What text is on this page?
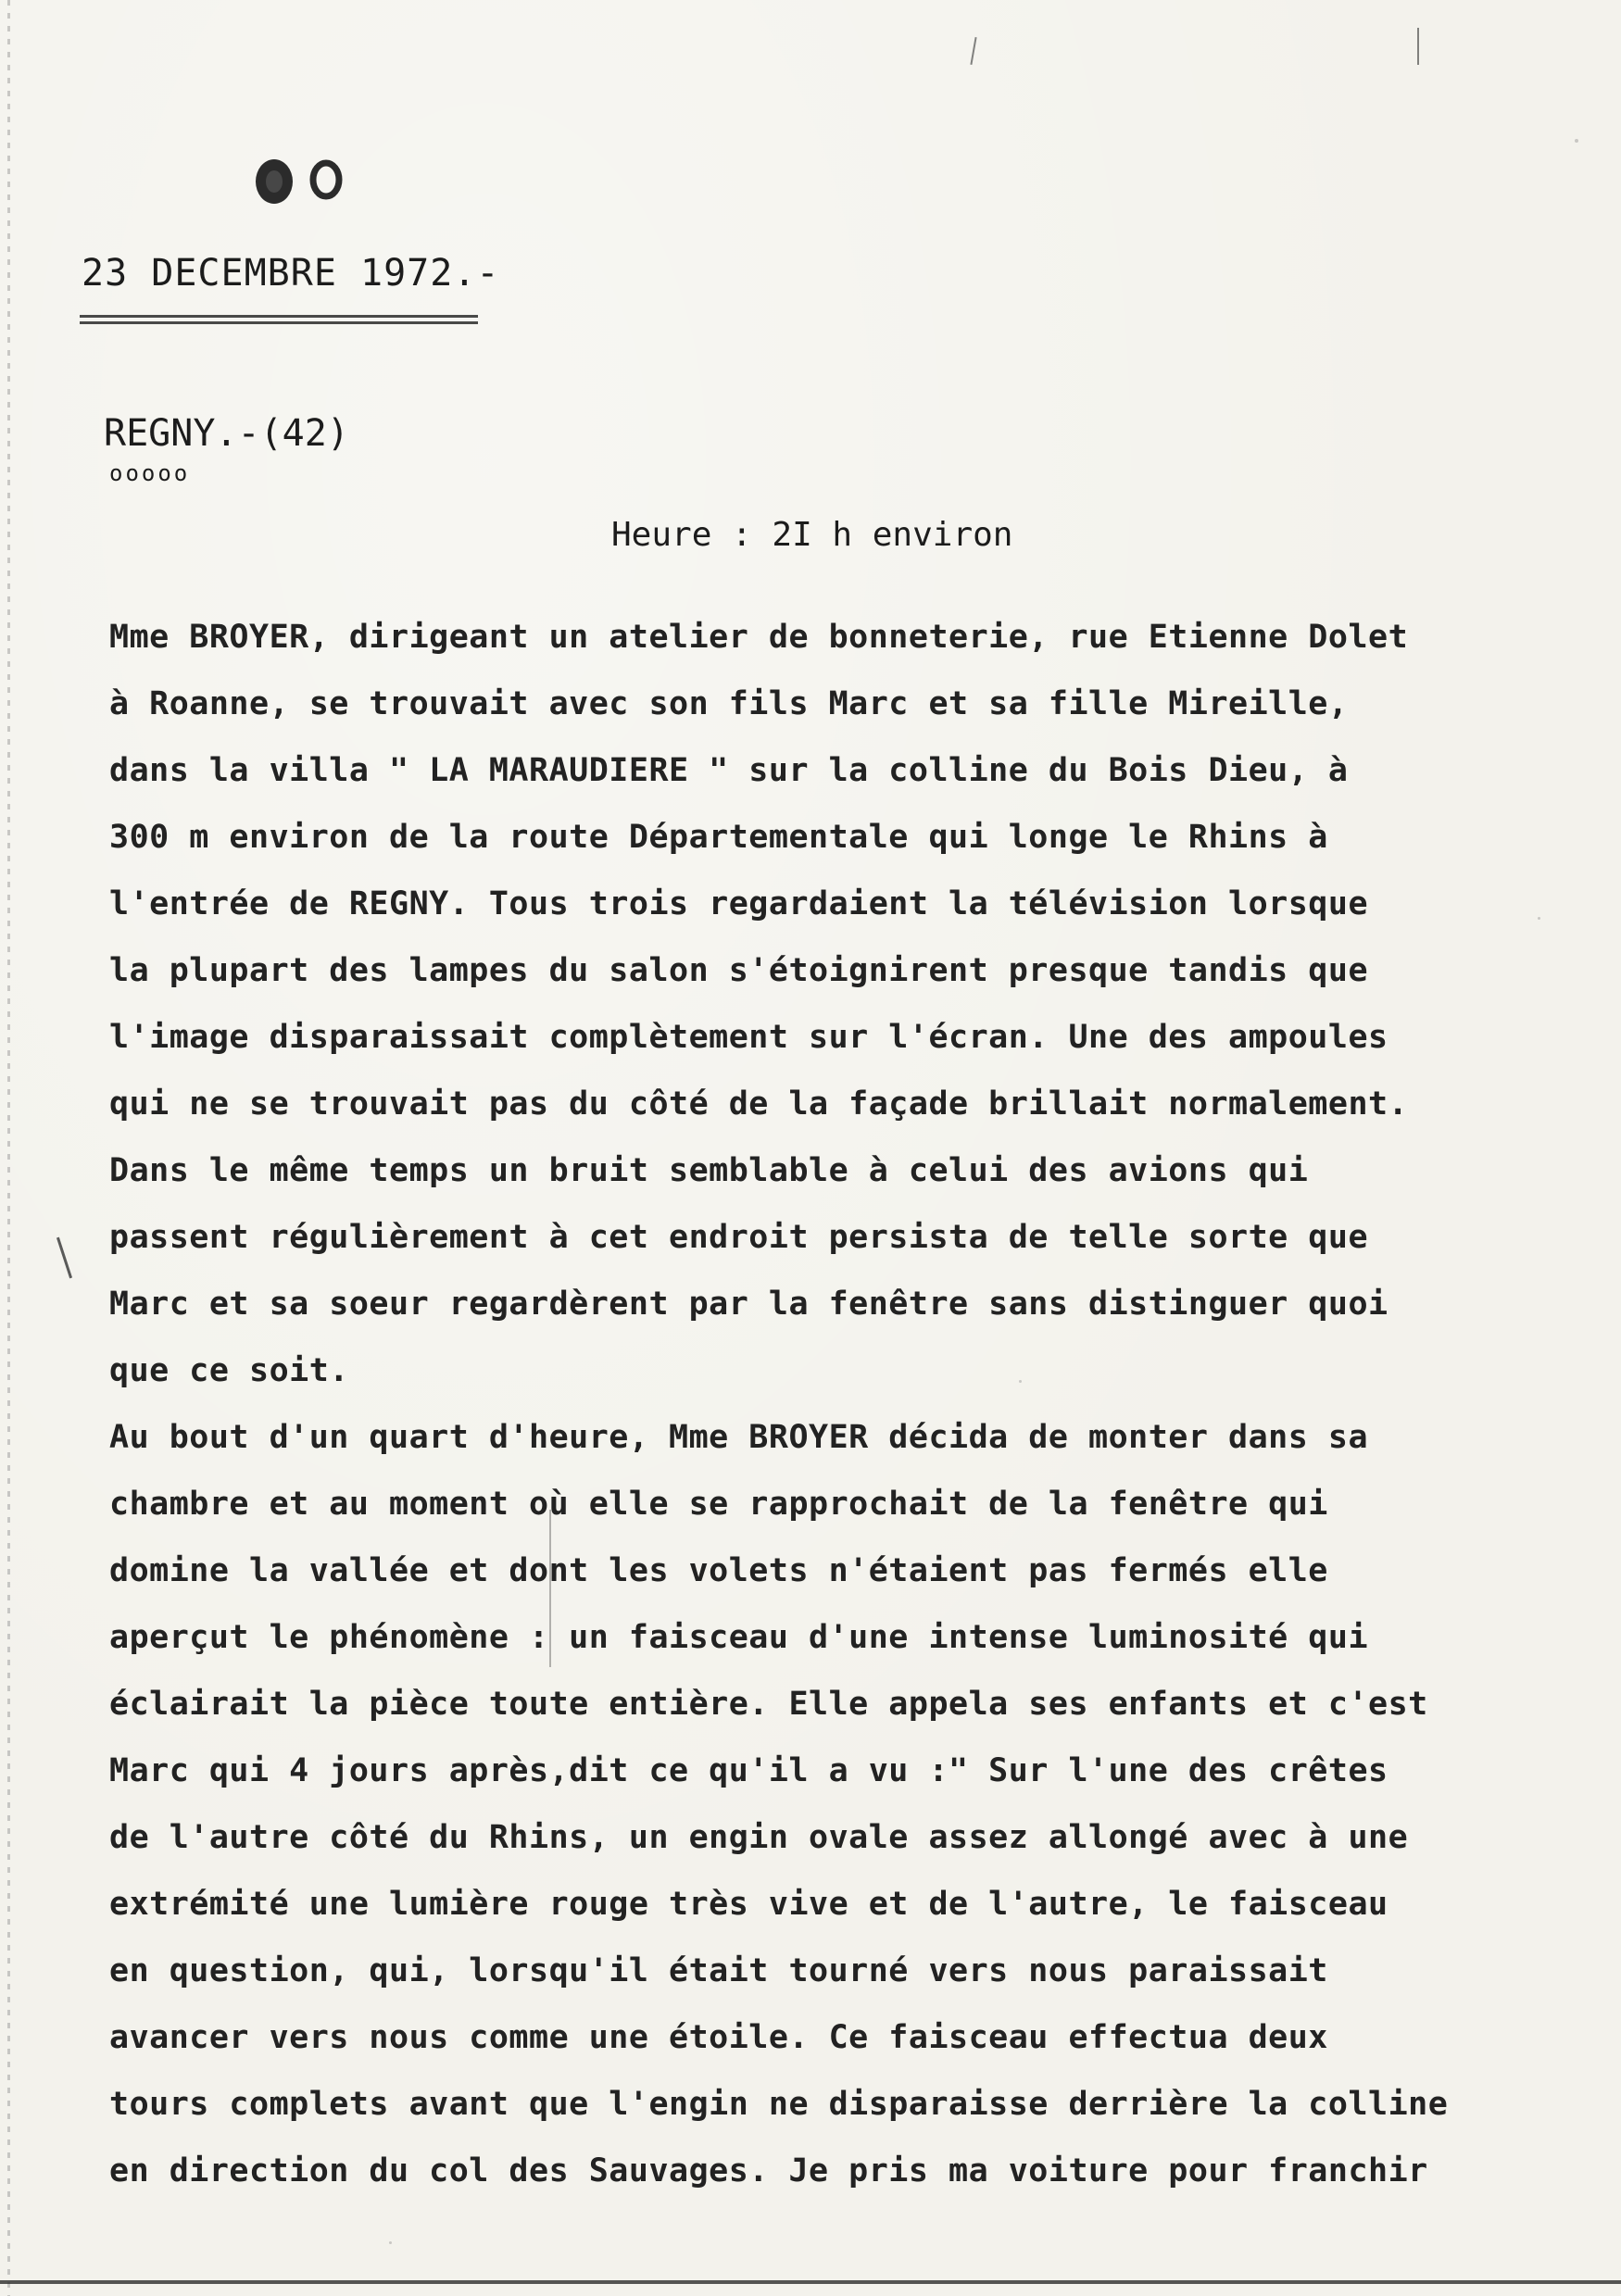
23 DECEMBRE 1972.-
REGNY.-(42)
ooooo
Heure : 2I h environ
Mme BROYER, dirigeant un atelier de bonneterie, rue Etienne Dolet
à Roanne, se trouvait avec son fils Marc et sa fille Mireille,
dans la villa " LA MARAUDIERE " sur la colline du Bois Dieu, à
300 m environ de la route Départementale qui longe le Rhins à
l'entrée de REGNY. Tous trois regardaient la télévision lorsque
la plupart des lampes du salon s'étoignirent presque tandis que
l'image disparaissait complètement sur l'écran. Une des ampoules
qui ne se trouvait pas du côté de la façade brillait normalement.
Dans le même temps un bruit semblable à celui des avions qui
passent régulièrement à cet endroit persista de telle sorte que
Marc et sa soeur regardèrent par la fenêtre sans distinguer quoi
que ce soit.
Au bout d'un quart d'heure, Mme BROYER décida de monter dans sa
chambre et au moment où elle se rapprochait de la fenêtre qui
domine la vallée et dont les volets n'étaient pas fermés elle
aperçut le phénomène : un faisceau d'une intense luminosité qui
éclairait la pièce toute entière. Elle appela ses enfants et c'est
Marc qui 4 jours après,dit ce qu'il a vu :" Sur l'une des crêtes
de l'autre côté du Rhins, un engin ovale assez allongé avec à une
extrémité une lumière rouge très vive et de l'autre, le faisceau
en question, qui, lorsqu'il était tourné vers nous paraissait
avancer vers nous comme une étoile. Ce faisceau effectua deux
tours complets avant que l'engin ne disparaisse derrière la colline
en direction du col des Sauvages. Je pris ma voiture pour franchir
